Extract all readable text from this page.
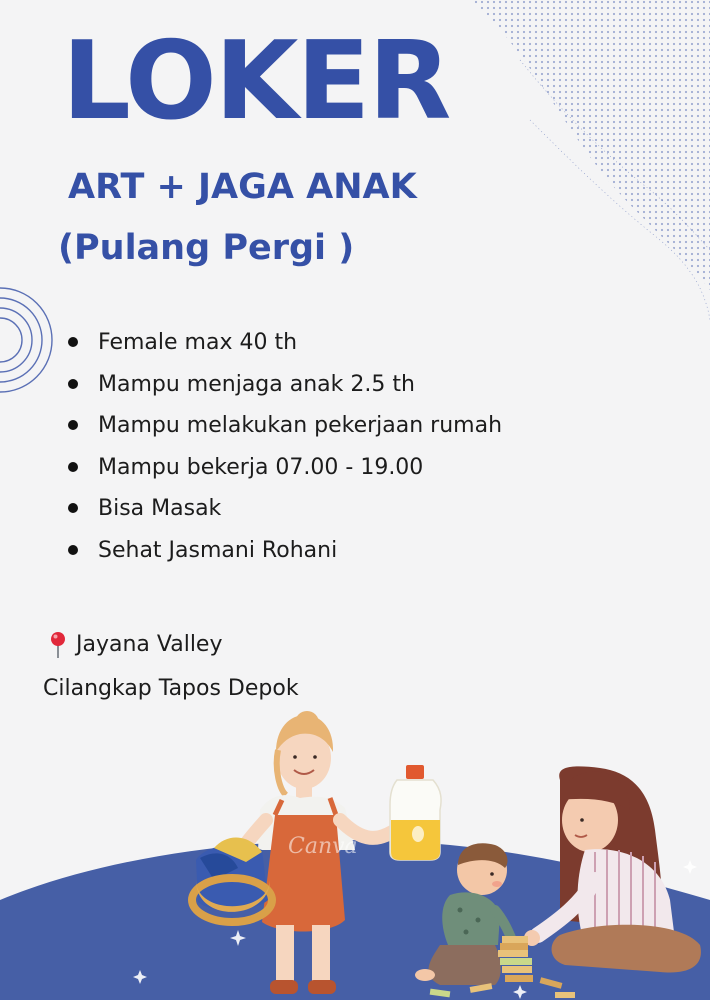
LOKER
ART + JAGA ANAK
(Pulang Pergi )
Female max 40 th
Mampu menjaga anak 2.5 th
Mampu melakukan pekerjaan rumah
Mampu bekerja 07.00 - 19.00
Bisa Masak
Sehat Jasmani Rohani
Jayana Valley
Cilangkap Tapos Depok
Canva
